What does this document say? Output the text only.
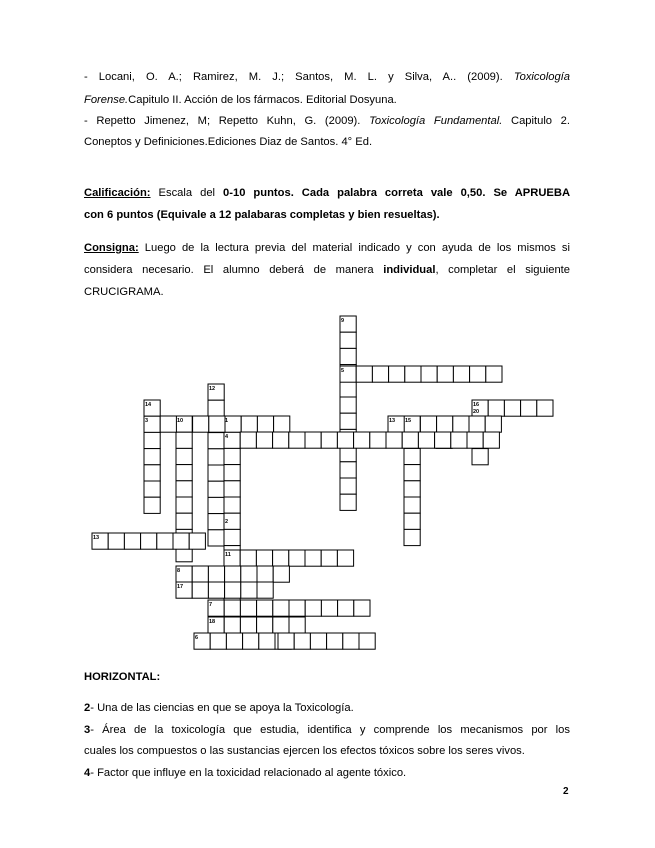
- Locani, O. A.; Ramirez, M. J.; Santos, M. L. y Silva, A.. (2009). Toxicología
Forense.Capitulo II. Acción de los fármacos. Editorial Dosyuna.
- Repetto Jimenez, M; Repetto Kuhn, G. (2009). Toxicología Fundamental. Capitulo 2.
Coneptos y Definiciones.Ediciones Diaz de Santos. 4° Ed.
Calificación: Escala del 0-10 puntos. Cada palabra correta vale 0,50. Se APRUEBA
con 6 puntos (Equivale a 12 palabaras completas y bien resueltas).
Consigna: Luego de la lectura previa del material indicado y con ayuda de los mismos si
considera necesario. El alumno deberá de manera individual, completar el siguiente
CRUCIGRAMA.
9
5
12
14	16
20
3	10	1	13 15
4
2
13
11
8
17
7
18
6
HORIZONTAL:
2- Una de las ciencias en que se apoya la Toxicología.
3- Área de la toxicología que estudia, identifica y comprende los mecanismos por los
cuales los compuestos o las sustancias ejercen los efectos tóxicos sobre los seres vivos.
4- Factor que influye en la toxicidad relacionado al agente tóxico.
2
